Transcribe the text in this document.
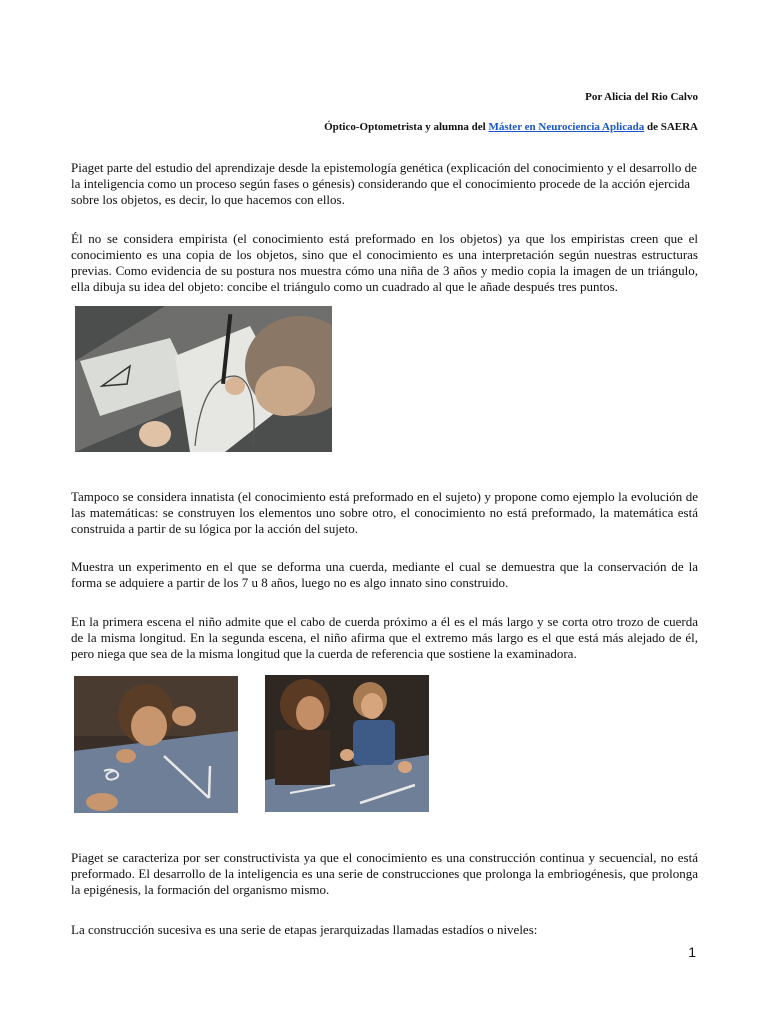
Por Alicia del Rio Calvo
Óptico-Optometrista y alumna del Máster en Neurociencia Aplicada de SAERA

Piaget parte del estudio del aprendizaje desde la epistemología genética (explicación del conocimiento y el desarrollo de la inteligencia como un proceso según fases o génesis) considerando que el conocimiento procede de la acción ejercida sobre los objetos, es decir, lo que hacemos con ellos.

Él no se considera empirista (el conocimiento está preformado en los objetos) ya que los empiristas creen que el conocimiento es una copia de los objetos, sino que el conocimiento es una interpretación según nuestras estructuras previas. Como evidencia de su postura nos muestra cómo una niña de 3 años y medio copia la imagen de un triángulo, ella dibuja su idea del objeto: concibe el triángulo como un cuadrado al que le añade después tres puntos.

Tampoco se considera innatista (el conocimiento está preformado en el sujeto) y propone como ejemplo la evolución de las matemáticas: se construyen los elementos uno sobre otro, el conocimiento no está preformado, la matemática está construida a partir de su lógica por la acción del sujeto.

Muestra un experimento en el que se deforma una cuerda, mediante el cual se demuestra que la conservación de la forma se adquiere a partir de los 7 u 8 años, luego no es algo innato sino construido.

En la primera escena el niño admite que el cabo de cuerda próximo a él es el más largo y se corta otro trozo de cuerda de la misma longitud. En la segunda escena, el niño afirma que el extremo más largo es el que está más alejado de él, pero niega que sea de la misma longitud que la cuerda de referencia que sostiene la examinadora.

Piaget se caracteriza por ser constructivista ya que el conocimiento es una construcción continua y secuencial, no está preformado. El desarrollo de la inteligencia es una serie de construcciones que prolonga la embriogénesis, que prolonga la epigénesis, la formación del organismo mismo.

La construcción sucesiva es una serie de etapas jerarquizadas llamadas estadíos o niveles:

1
